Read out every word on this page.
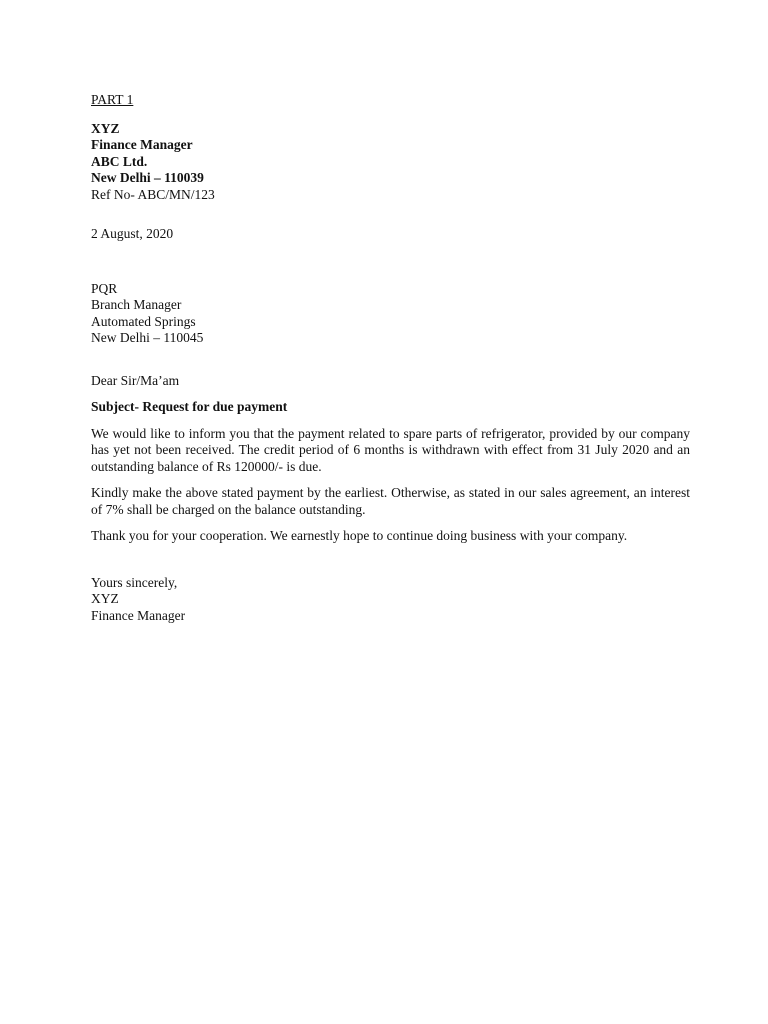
PART 1
XYZ
Finance Manager
ABC Ltd.
New Delhi – 110039
Ref No- ABC/MN/123
2 August, 2020
PQR
Branch Manager
Automated Springs
New Delhi – 110045
Dear Sir/Ma’am
Subject- Request for due payment
We would like to inform you that the payment related to spare parts of refrigerator, provided by our company has yet not been received. The credit period of 6 months is withdrawn with effect from 31 July 2020 and an outstanding balance of Rs 120000/- is due.
Kindly make the above stated payment by the earliest. Otherwise, as stated in our sales agreement, an interest of 7% shall be charged on the balance outstanding.
Thank you for your cooperation. We earnestly hope to continue doing business with your company.
Yours sincerely,
XYZ
Finance Manager
